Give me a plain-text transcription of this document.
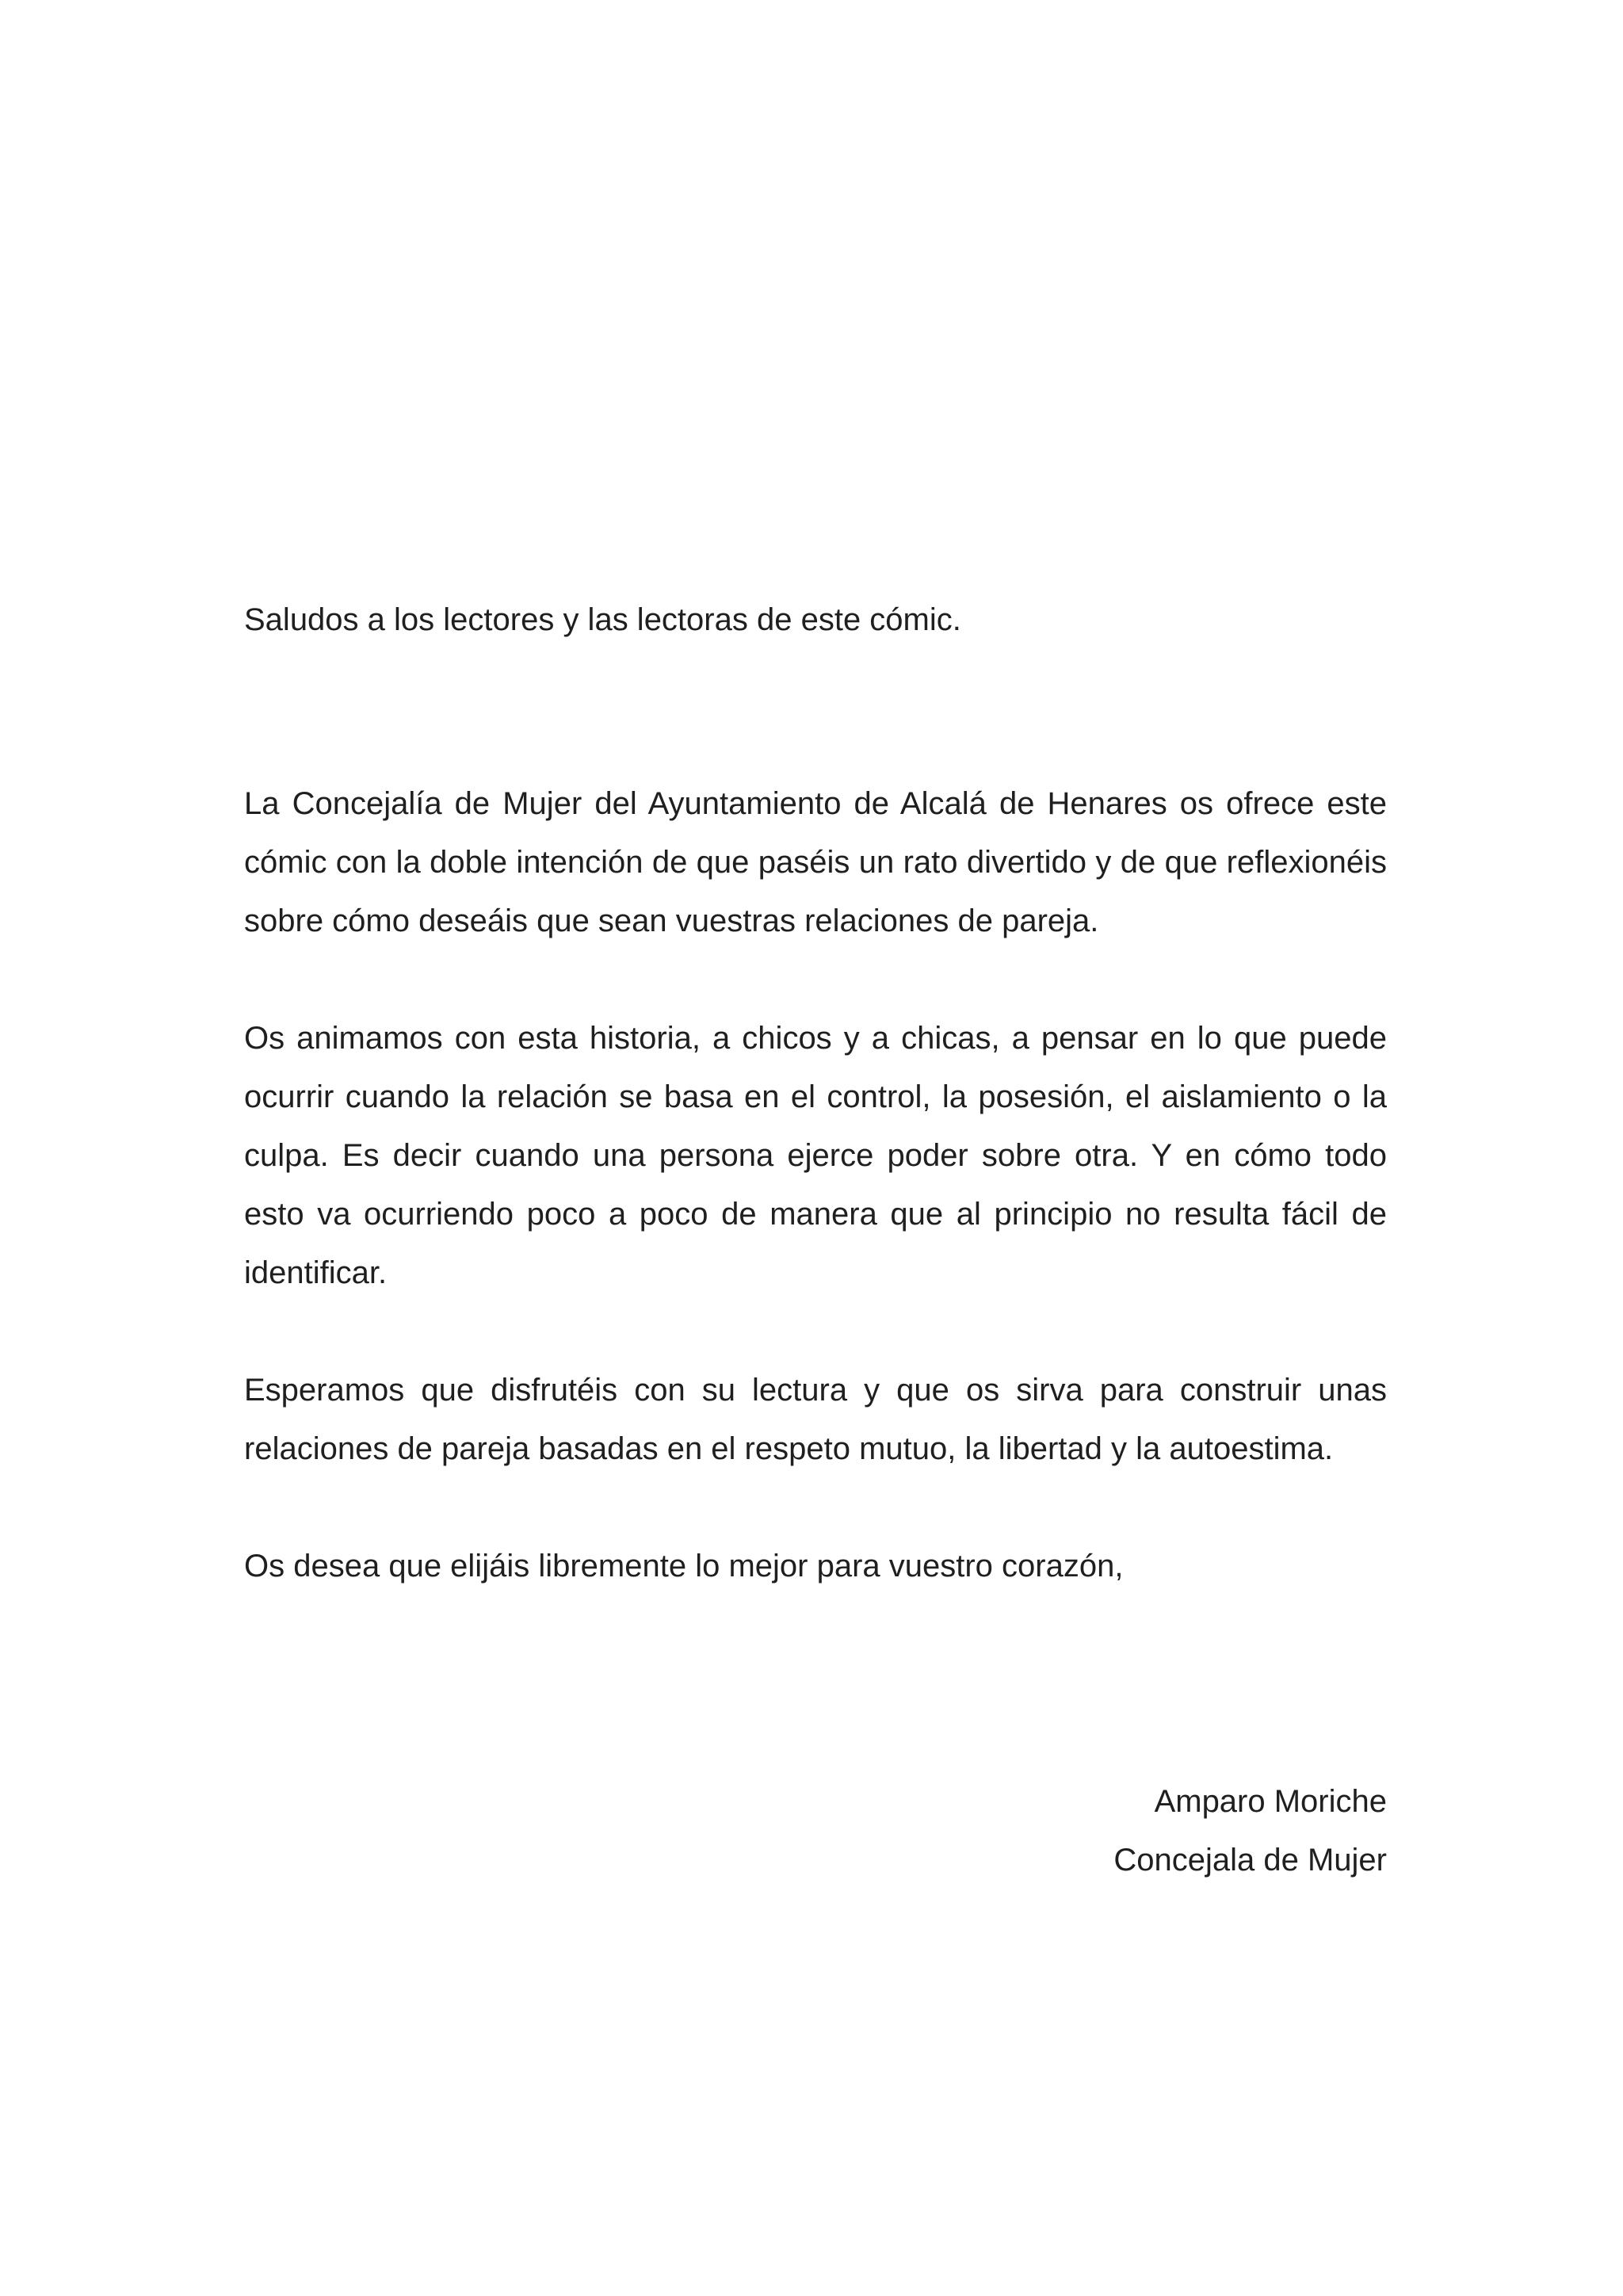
Saludos a los lectores y las lectoras de este cómic.

La Concejalía de Mujer del Ayuntamiento de Alcalá de Henares os ofrece este cómic con la doble intención de que paséis un rato divertido y de que reflexionéis sobre cómo deseáis que sean vuestras relaciones de pareja.

Os animamos con esta historia, a chicos y a chicas, a pensar en lo que puede ocurrir cuando la relación se basa en el control, la posesión, el aislamiento o la culpa. Es decir cuando una persona ejerce poder sobre otra. Y en cómo todo esto va ocurriendo poco a poco de manera que al principio no resulta fácil de identificar.

Esperamos que disfrutéis con su lectura y que os sirva para construir unas relaciones de pareja basadas en el respeto mutuo, la libertad y la autoestima.

Os desea que elijáis libremente lo mejor para vuestro corazón,

Amparo Moriche
Concejala de Mujer
